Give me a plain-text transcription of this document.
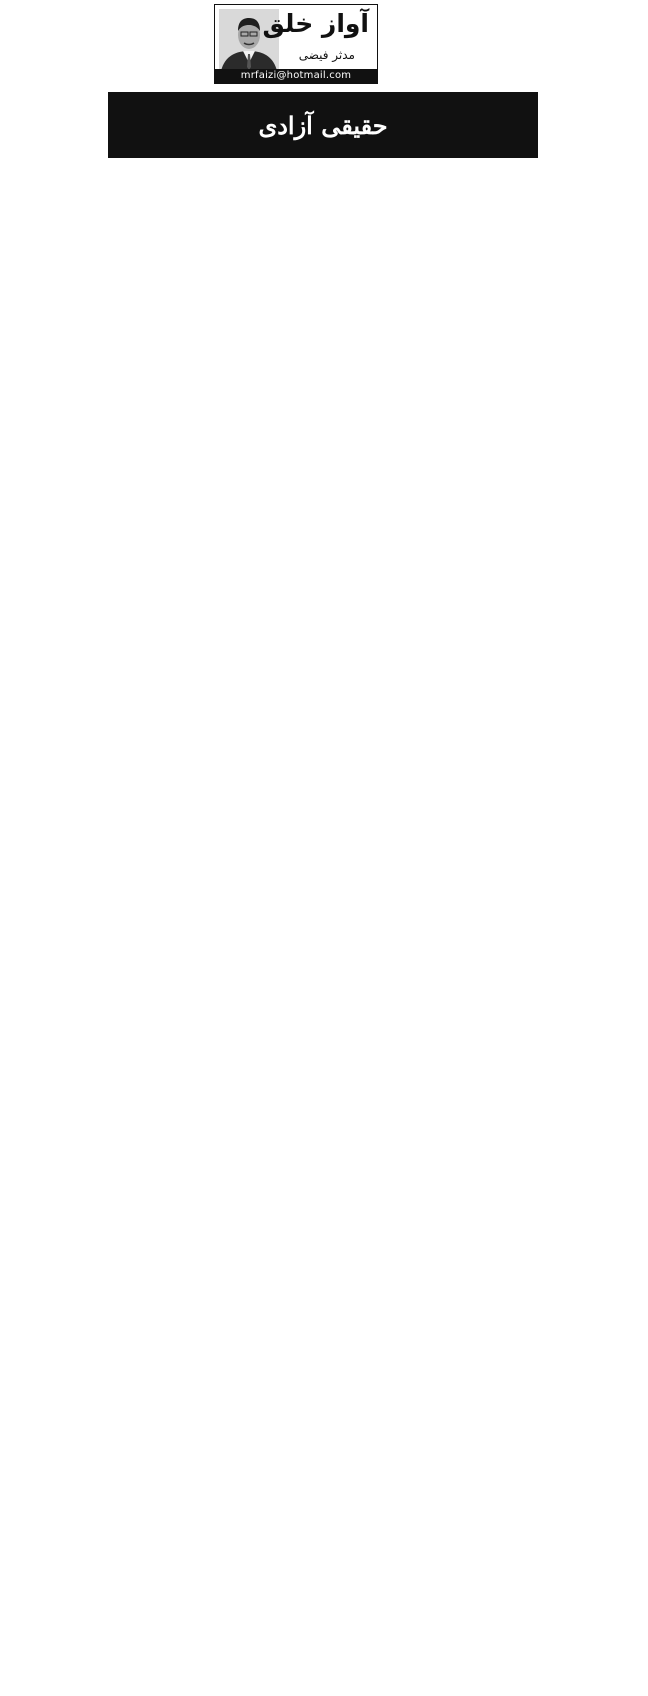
آواز خلق
مدثر فیضی
mrfaizi@hotmail.com
حقیقی آزادی
